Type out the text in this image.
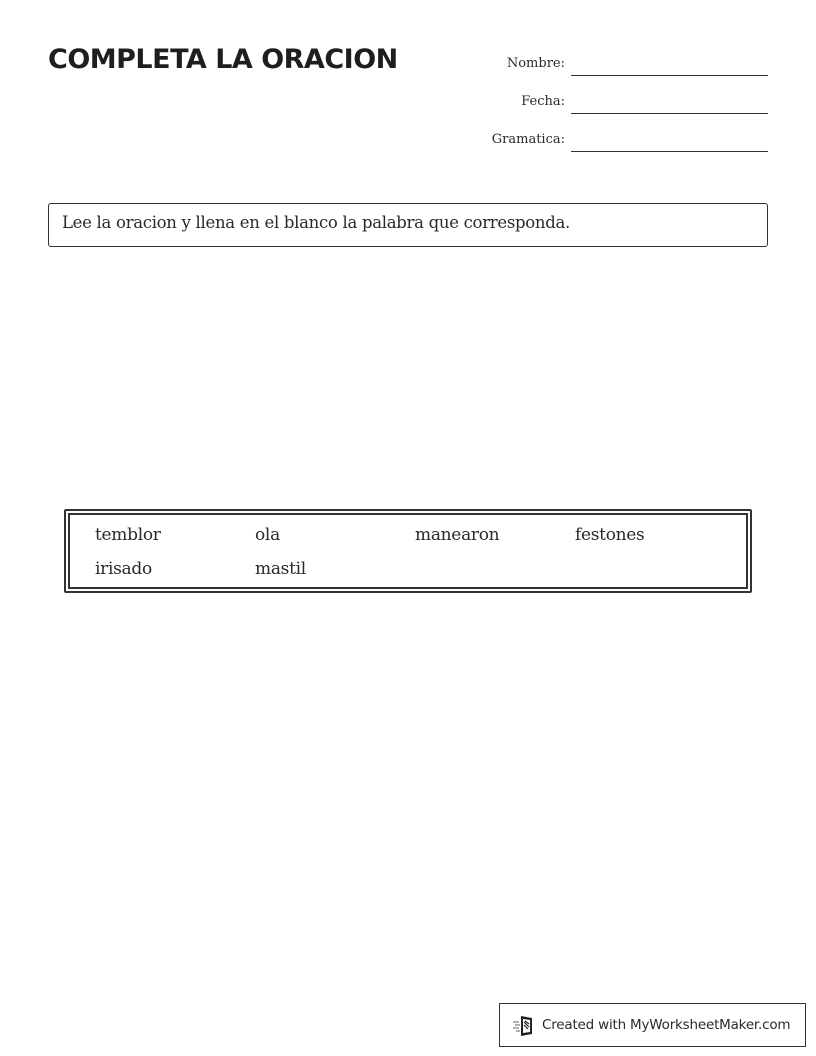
COMPLETA LA ORACION	Nombre:
Fecha:
Gramatica:
Lee la oracion y llena en el blanco la palabra que corresponda.
temblor	ola	manearon	festones
irisado	mastil
Created with MyWorksheetMaker.com
